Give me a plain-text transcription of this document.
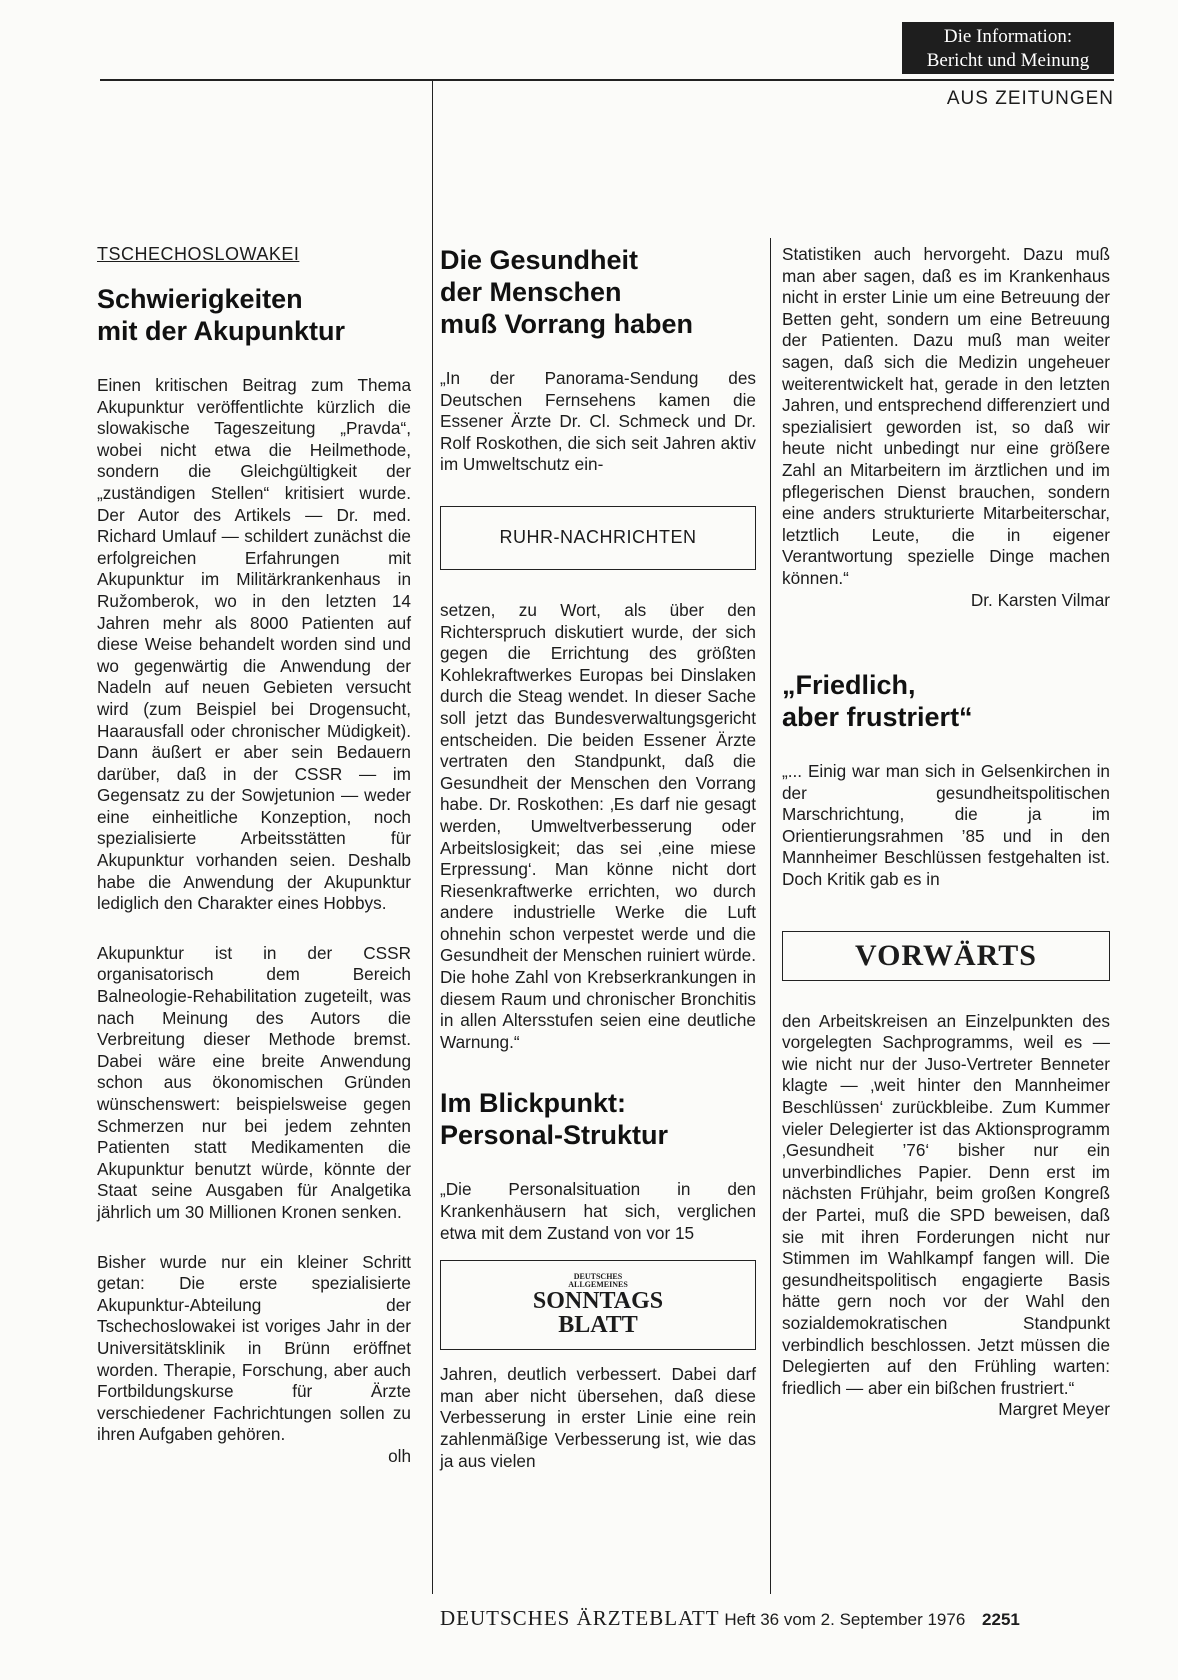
Die Information:
Bericht und Meinung
AUS ZEITUNGEN
TSCHECHOSLOWAKEI
Schwierigkeiten
mit der Akupunktur

Einen kritischen Beitrag zum Thema Akupunktur veröffentlichte kürzlich die slowakische Tageszeitung „Pravda“, wobei nicht etwa die Heilmethode, sondern die Gleichgültigkeit der „zuständigen Stellen“ kritisiert wurde. Der Autor des Artikels — Dr. med. Richard Umlauf — schildert zunächst die erfolgreichen Erfahrungen mit Akupunktur im Militärkrankenhaus in Ružomberok, wo in den letzten 14 Jahren mehr als 8000 Patienten auf diese Weise behandelt worden sind und wo gegenwärtig die Anwendung der Nadeln auf neuen Gebieten versucht wird (zum Beispiel bei Drogensucht, Haarausfall oder chronischer Müdigkeit). Dann äußert er aber sein Bedauern darüber, daß in der CSSR — im Gegensatz zu der Sowjetunion — weder eine einheitliche Konzeption, noch spezialisierte Arbeitsstätten für Akupunktur vorhanden seien. Deshalb habe die Anwendung der Akupunktur lediglich den Charakter eines Hobbys.

Akupunktur ist in der CSSR organisatorisch dem Bereich Balneologie-Rehabilitation zugeteilt, was nach Meinung des Autors die Verbreitung dieser Methode bremst. Dabei wäre eine breite Anwendung schon aus ökonomischen Gründen wünschenswert: beispielsweise gegen Schmerzen nur bei jedem zehnten Patienten statt Medikamenten die Akupunktur benutzt würde, könnte der Staat seine Ausgaben für Analgetika jährlich um 30 Millionen Kronen senken.

Bisher wurde nur ein kleiner Schritt getan: Die erste spezialisierte Akupunktur-Abteilung der Tschechoslowakei ist voriges Jahr in der Universitätsklinik in Brünn eröffnet worden. Therapie, Forschung, aber auch Fortbildungskurse für Ärzte verschiedener Fachrichtungen sollen zu ihren Aufgaben gehören.
olh

Die Gesundheit
der Menschen
muß Vorrang haben

„In der Panorama-Sendung des Deutschen Fernsehens kamen die Essener Ärzte Dr. Cl. Schmeck und Dr. Rolf Roskothen, die sich seit Jahren aktiv im Umweltschutz ein-

RUHR-NACHRICHTEN

setzen, zu Wort, als über den Richterspruch diskutiert wurde, der sich gegen die Errichtung des größten Kohlekraftwerkes Europas bei Dinslaken durch die Steag wendet. In dieser Sache soll jetzt das Bundesverwaltungsgericht entscheiden. Die beiden Essener Ärzte vertraten den Standpunkt, daß die Gesundheit der Menschen den Vorrang habe. Dr. Roskothen: ‚Es darf nie gesagt werden, Umweltverbesserung oder Arbeitslosigkeit; das sei ‚eine miese Erpressung‘. Man könne nicht dort Riesenkraftwerke errichten, wo durch andere industrielle Werke die Luft ohnehin schon verpestet werde und die Gesundheit der Menschen ruiniert würde. Die hohe Zahl von Krebserkrankungen in diesem Raum und chronischer Bronchitis in allen Altersstufen seien eine deutliche Warnung.“

Im Blickpunkt:
Personal-Struktur

„Die Personalsituation in den Krankenhäusern hat sich, verglichen etwa mit dem Zustand von vor 15

DEUTSCHES
ALLGEMEINES
SONNTAGS
BLATT

Jahren, deutlich verbessert. Dabei darf man aber nicht übersehen, daß diese Verbesserung in erster Linie eine rein zahlenmäßige Verbesserung ist, wie das ja aus vielen

Statistiken auch hervorgeht. Dazu muß man aber sagen, daß es im Krankenhaus nicht in erster Linie um eine Betreuung der Betten geht, sondern um eine Betreuung der Patienten. Dazu muß man weiter sagen, daß sich die Medizin ungeheuer weiterentwickelt hat, gerade in den letzten Jahren, und entsprechend differenziert und spezialisiert geworden ist, so daß wir heute nicht unbedingt nur eine größere Zahl an Mitarbeitern im ärztlichen und im pflegerischen Dienst brauchen, sondern eine anders strukturierte Mitarbeiterschar, letztlich Leute, die in eigener Verantwortung spezielle Dinge machen können.“
Dr. Karsten Vilmar

„Friedlich,
aber frustriert“

„... Einig war man sich in Gelsenkirchen in der gesundheitspolitischen Marschrichtung, die ja im Orientierungsrahmen ’85 und in den Mannheimer Beschlüssen festgehalten ist. Doch Kritik gab es in

VORWÄRTS

den Arbeitskreisen an Einzelpunkten des vorgelegten Sachprogramms, weil es — wie nicht nur der Juso-Vertreter Benneter klagte — ‚weit hinter den Mannheimer Beschlüssen‘ zurückbleibe. Zum Kummer vieler Delegierter ist das Aktionsprogramm ‚Gesundheit ’76‘ bisher nur ein unverbindliches Papier. Denn erst im nächsten Frühjahr, beim großen Kongreß der Partei, muß die SPD beweisen, daß sie mit ihren Forderungen nicht nur Stimmen im Wahlkampf fangen will. Die gesundheitspolitisch engagierte Basis hätte gern noch vor der Wahl den sozialdemokratischen Standpunkt verbindlich beschlossen. Jetzt müssen die Delegierten auf den Frühling warten: friedlich — aber ein bißchen frustriert.“
Margret Meyer

DEUTSCHES ÄRZTEBLATT Heft 36 vom 2. September 1976 2251
